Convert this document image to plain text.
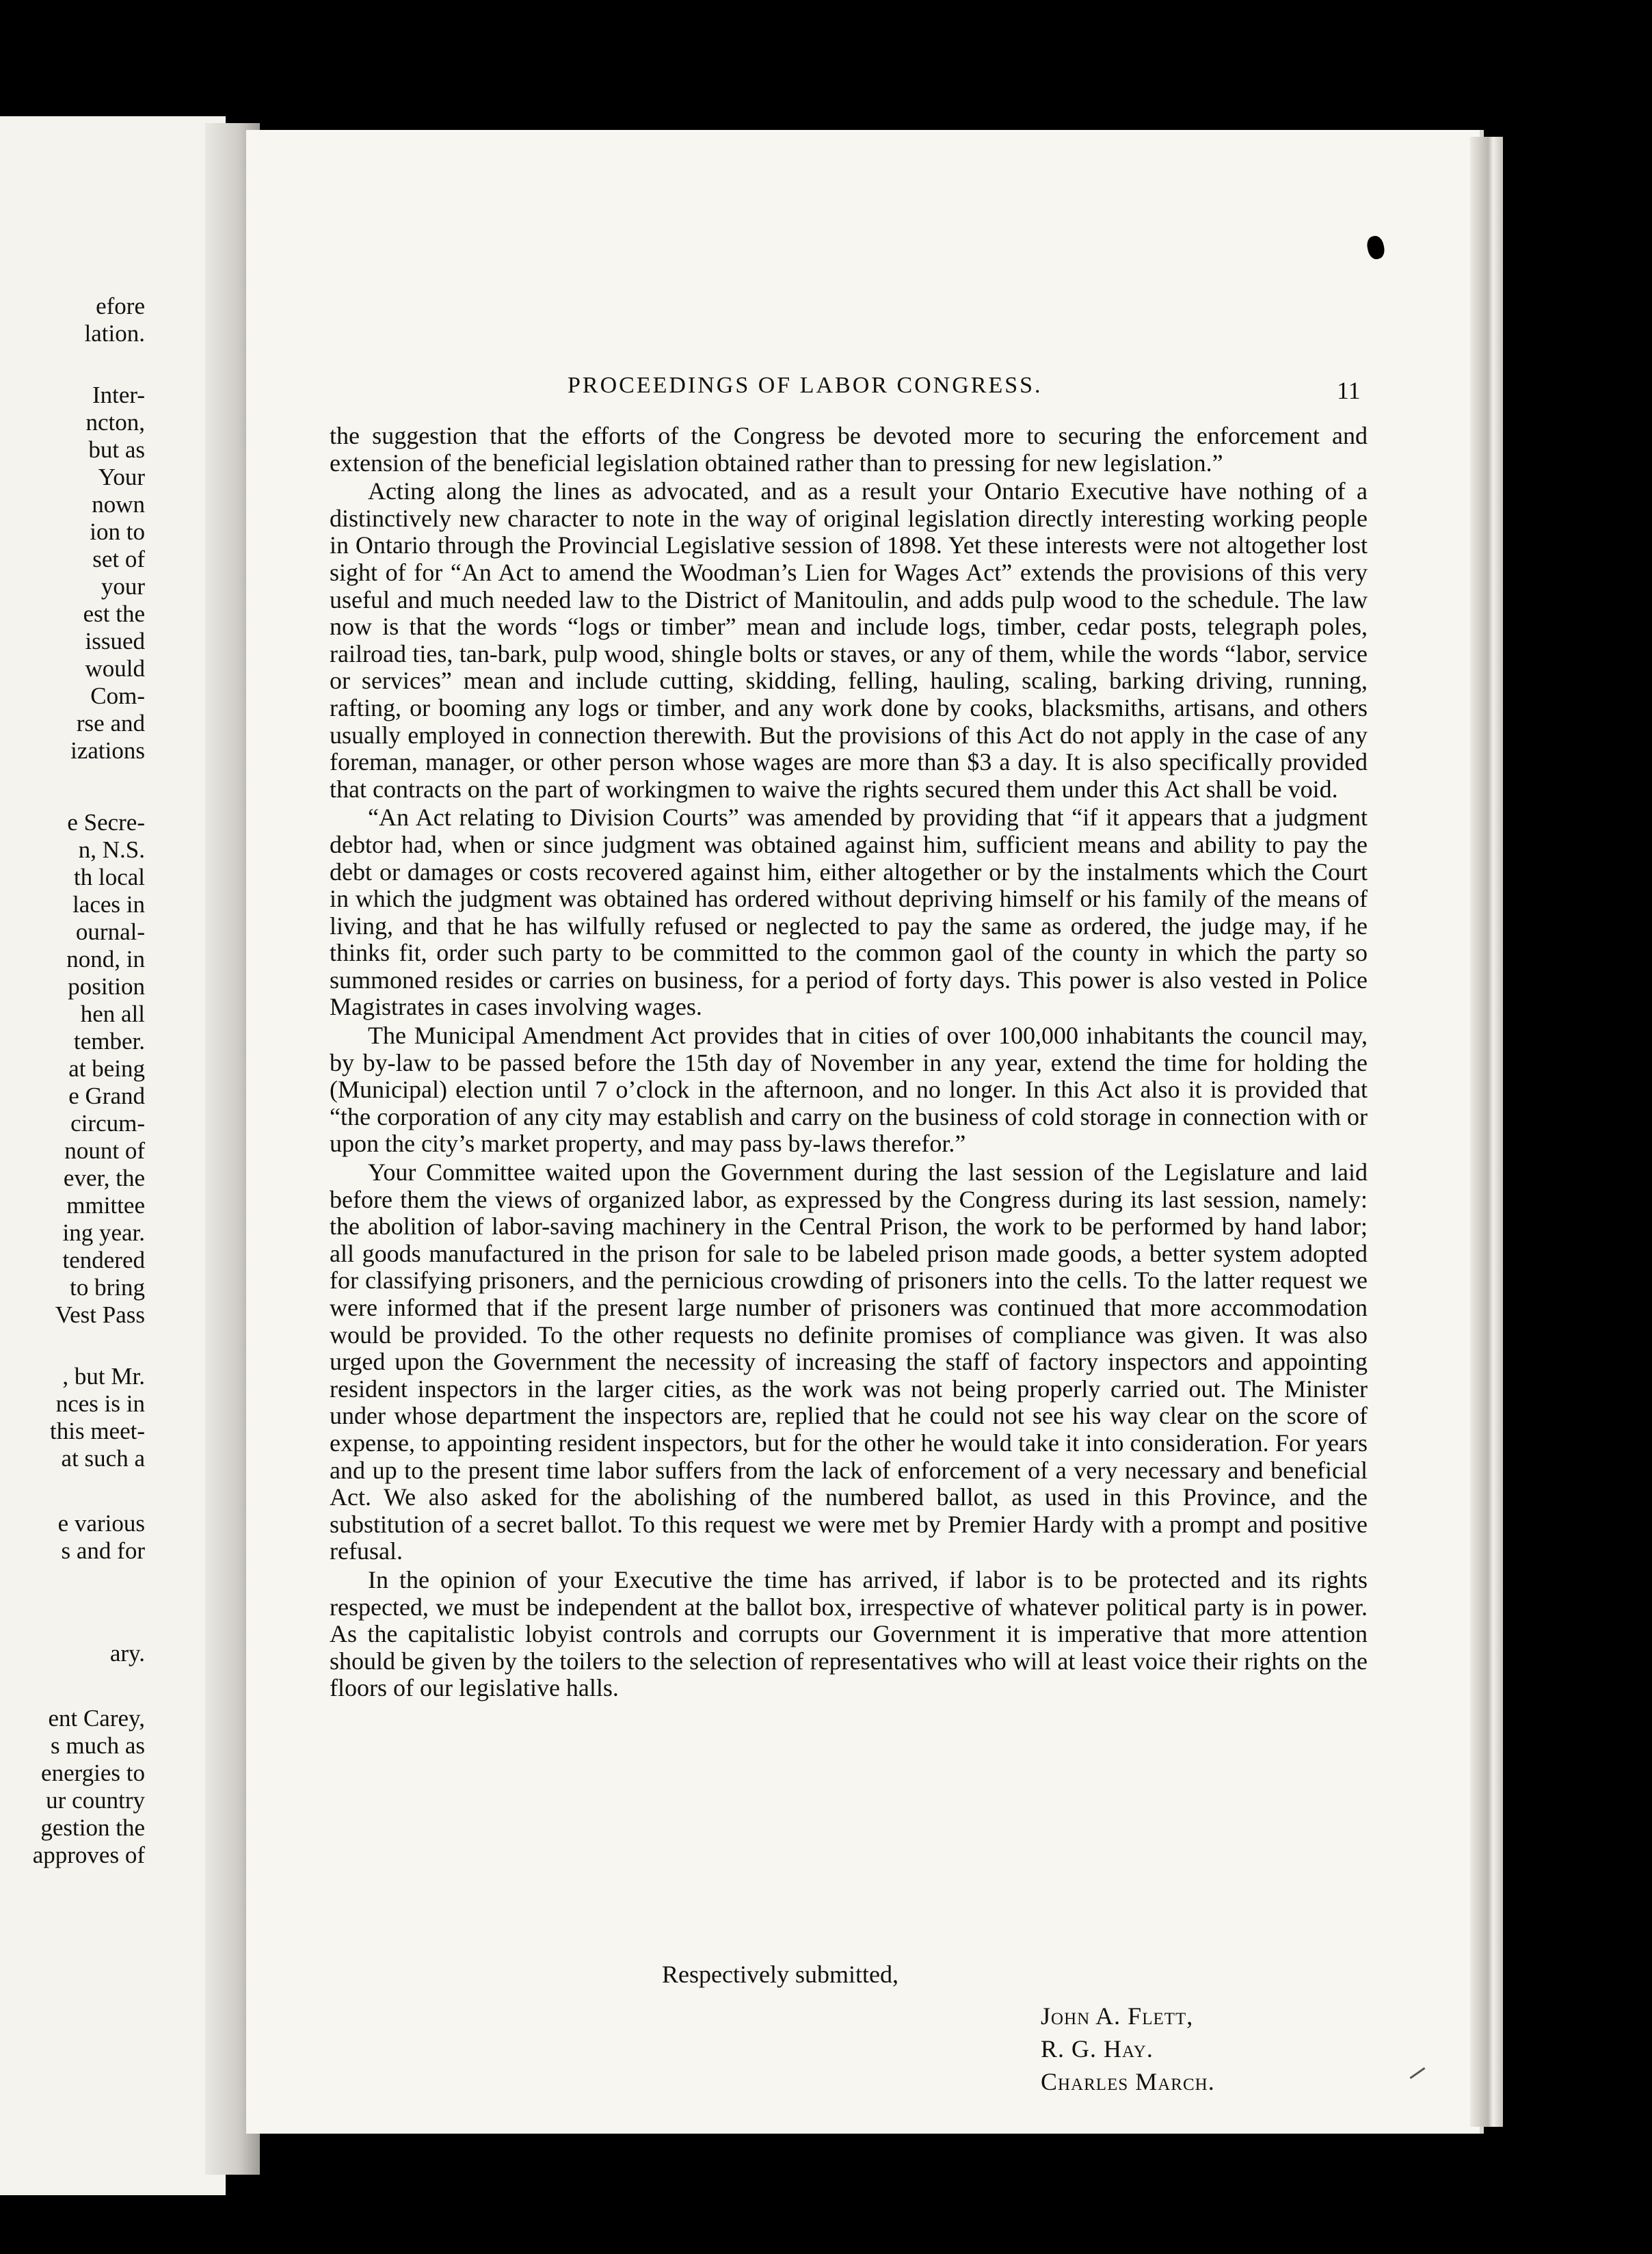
efore
lation.
Inter-
ncton,
but as
Your
nown
ion to
set of
your
est the
issued
would
Com-
rse and
izations
e Secre-
n, N.S.
th local
laces in
ournal-
nond, in
position
hen all
tember.
at being
e Grand
circum-
nount of
ever, the
mmittee
ing year.
tendered
to bring
Vest Pass
, but Mr.
nces is in
this meet-
at such a
e various
s and for
ary.
ent Carey,
s much as
energies to
ur country
gestion the
approves of
PROCEEDINGS OF LABOR CONGRESS.	11

the suggestion that the efforts of the Congress be devoted more to securing the enforcement and extension of the beneficial legislation obtained rather than to pressing for new legislation.”

Acting along the lines as advocated, and as a result your Ontario Executive have nothing of a distinctively new character to note in the way of original legislation directly interesting working people in Ontario through the Provincial Legislative session of 1898. Yet these interests were not altogether lost sight of for “An Act to amend the Woodman’s Lien for Wages Act” extends the provisions of this very useful and much needed law to the District of Manitoulin, and adds pulp wood to the schedule. The law now is that the words “logs or timber” mean and include logs, timber, cedar posts, telegraph poles, railroad ties, tan-bark, pulp wood, shingle bolts or staves, or any of them, while the words “labor, service or services” mean and include cutting, skidding, felling, hauling, scaling, barking driving, running, rafting, or booming any logs or timber, and any work done by cooks, blacksmiths, artisans, and others usually employed in connection therewith. But the provisions of this Act do not apply in the case of any foreman, manager, or other person whose wages are more than $3 a day. It is also specifically provided that contracts on the part of workingmen to waive the rights secured them under this Act shall be void.

“An Act relating to Division Courts” was amended by providing that “if it appears that a judgment debtor had, when or since judgment was obtained against him, sufficient means and ability to pay the debt or damages or costs recovered against him, either altogether or by the instalments which the Court in which the judgment was obtained has ordered without depriving himself or his family of the means of living, and that he has wilfully refused or neglected to pay the same as ordered, the judge may, if he thinks fit, order such party to be committed to the common gaol of the county in which the party so summoned resides or carries on business, for a period of forty days. This power is also vested in Police Magistrates in cases involving wages.

The Municipal Amendment Act provides that in cities of over 100,000 inhabitants the council may, by by-law to be passed before the 15th day of November in any year, extend the time for holding the (Municipal) election until 7 o’clock in the afternoon, and no longer. In this Act also it is provided that “the corporation of any city may establish and carry on the business of cold storage in connection with or upon the city’s market property, and may pass by-laws therefor.”

Your Committee waited upon the Government during the last session of the Legislature and laid before them the views of organized labor, as expressed by the Congress during its last session, namely: the abolition of labor-saving machinery in the Central Prison, the work to be performed by hand labor; all goods manufactured in the prison for sale to be labeled prison made goods, a better system adopted for classifying prisoners, and the pernicious crowding of prisoners into the cells. To the latter request we were informed that if the present large number of prisoners was continued that more accommodation would be provided. To the other requests no definite promises of compliance was given. It was also urged upon the Government the necessity of increasing the staff of factory inspectors and appointing resident inspectors in the larger cities, as the work was not being properly carried out. The Minister under whose department the inspectors are, replied that he could not see his way clear on the score of expense, to appointing resident inspectors, but for the other he would take it into consideration. For years and up to the present time labor suffers from the lack of enforcement of a very necessary and beneficial Act. We also asked for the abolishing of the numbered ballot, as used in this Province, and the substitution of a secret ballot. To this request we were met by Premier Hardy with a prompt and positive refusal.

In the opinion of your Executive the time has arrived, if labor is to be protected and its rights respected, we must be independent at the ballot box, irrespective of whatever political party is in power. As the capitalistic lobyist controls and corrupts our Government it is imperative that more attention should be given by the toilers to the selection of representatives who will at least voice their rights on the floors of our legislative halls.

Respectively submitted,
John A. Flett,
R. G. Hay.
Charles March.
